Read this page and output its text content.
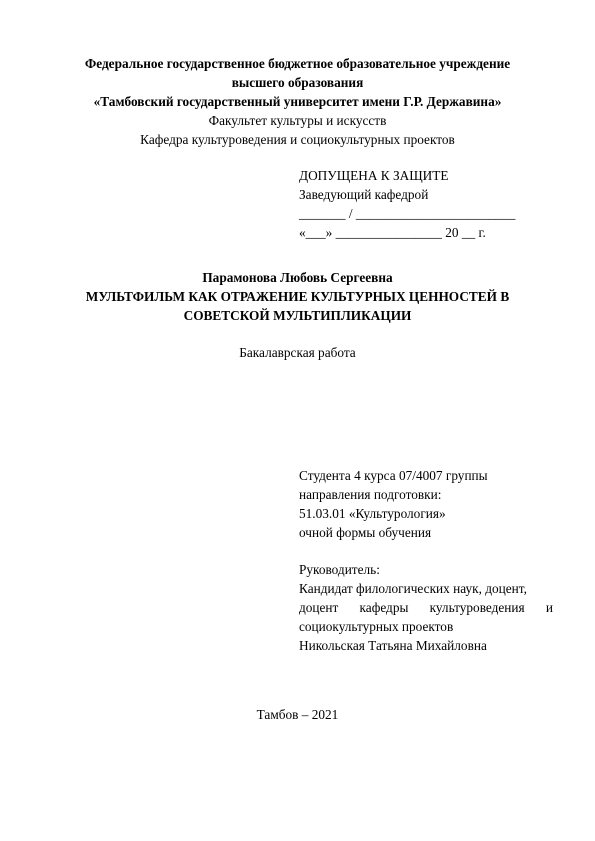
Федеральное государственное бюджетное образовательное учреждение
высшего образования
«Тамбовский государственный университет имени Г.Р. Державина»
Факультет культуры и искусств
Кафедра культуроведения и социокультурных проектов
ДОПУЩЕНА К ЗАЩИТЕ
Заведующий кафедрой
_______ / ________________________
«___» ________________ 20 __ г.
Парамонова Любовь Сергеевна
МУЛЬТФИЛЬМ КАК ОТРАЖЕНИЕ КУЛЬТУРНЫХ ЦЕННОСТЕЙ В
СОВЕТСКОЙ МУЛЬТИПЛИКАЦИИ
Бакалаврская работа
Студента 4 курса 07/4007 группы
направления подготовки:
51.03.01 «Культурология»
очной формы обучения
Руководитель:
Кандидат филологических наук, доцент,
доцент кафедры культуроведения и
социокультурных проектов
Никольская Татьяна Михайловна
Тамбов – 2021
